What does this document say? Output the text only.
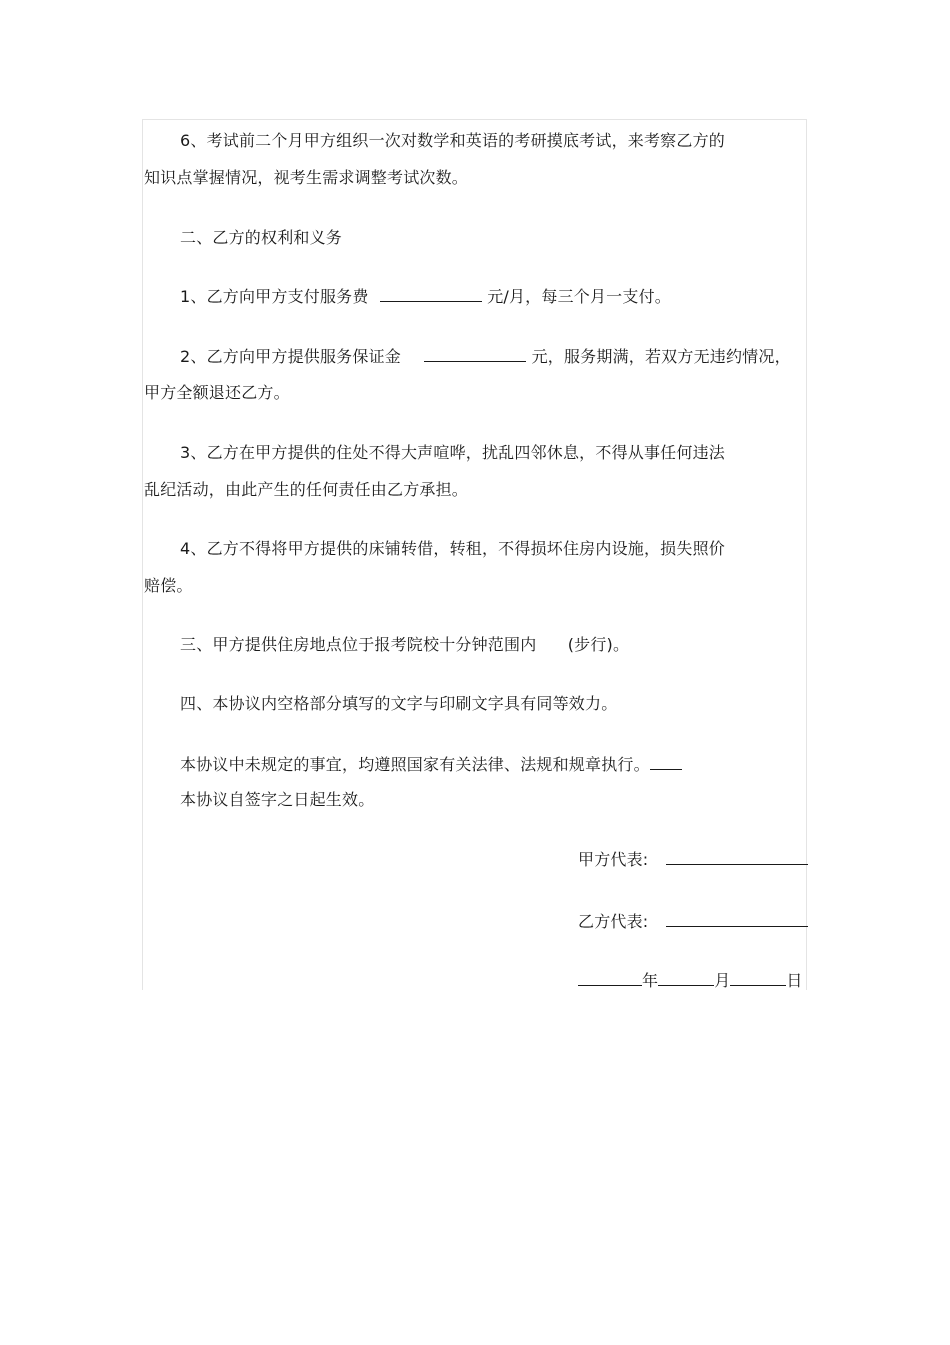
6、考试前二个月甲方组织一次对数学和英语的考研摸底考试，来考察乙方的
知识点掌握情况，视考生需求调整考试次数。
二、乙方的权利和义务
1、乙方向甲方支付服务费	元/月，每三个月一支付。
2、乙方向甲方提供服务保证金	元，服务期满，若双方无违约情况，
甲方全额退还乙方。
3、乙方在甲方提供的住处不得大声喧哗，扰乱四邻休息，不得从事任何违法
乱纪活动，由此产生的任何责任由乙方承担。
4、乙方不得将甲方提供的床铺转借，转租，不得损坏住房内设施，损失照价
赔偿。
三、甲方提供住房地点位于报考院校十分钟范围内 (步行)。
四、本协议内空格部分填写的文字与印刷文字具有同等效力。
本协议中未规定的事宜，均遵照国家有关法律、法规和规章执行。
本协议自签字之日起生效。
甲方代表:
乙方代表:
年	月	日
